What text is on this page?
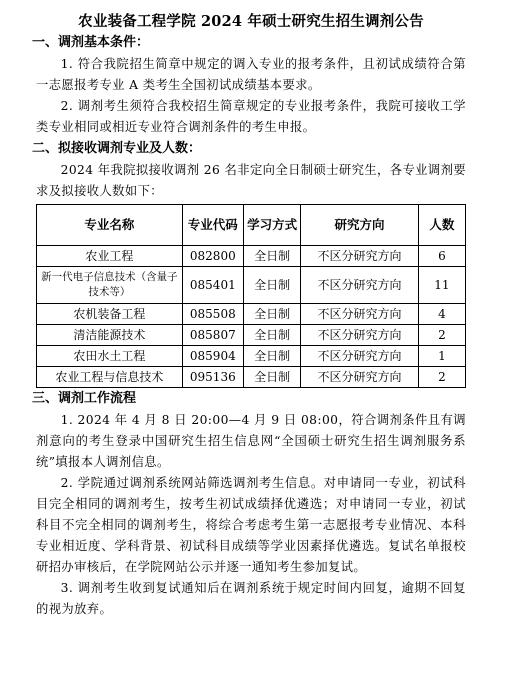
农业装备工程学院 2024 年硕士研究生招生调剂公告
一、调剂基本条件：
1. 符合我院招生简章中规定的调入专业的报考条件，且初试成绩符合第一志愿报考专业 A 类考生全国初试成绩基本要求。
2. 调剂考生须符合我校招生简章规定的专业报考条件，我院可接收工学类专业相同或相近专业符合调剂条件的考生申报。
二、拟接收调剂专业及人数：
2024 年我院拟接收调剂 26 名非定向全日制硕士研究生，各专业调剂要求及拟接收人数如下：
专业名称	专业代码	学习方式	研究方向	人数
农业工程	082800	全日制	不区分研究方向	6
新一代电子信息技术（含量子技术等）	085401	全日制	不区分研究方向	11
农机装备工程	085508	全日制	不区分研究方向	4
清洁能源技术	085807	全日制	不区分研究方向	2
农田水土工程	085904	全日制	不区分研究方向	1
农业工程与信息技术	095136	全日制	不区分研究方向	2
三、调剂工作流程
1. 2024 年 4 月 8 日 20:00—4 月 9 日 08:00，符合调剂条件且有调剂意向的考生登录中国研究生招生信息网“全国硕士研究生招生调剂服务系统”填报本人调剂信息。
2. 学院通过调剂系统网站筛选调剂考生信息。对申请同一专业，初试科目完全相同的调剂考生，按考生初试成绩择优遴选；对申请同一专业，初试科目不完全相同的调剂考生，将综合考虑考生第一志愿报考专业情况、本科专业相近度、学科背景、初试科目成绩等学业因素择优遴选。复试名单报校研招办审核后，在学院网站公示并逐一通知考生参加复试。
3. 调剂考生收到复试通知后在调剂系统于规定时间内回复，逾期不回复的视为放弃。
